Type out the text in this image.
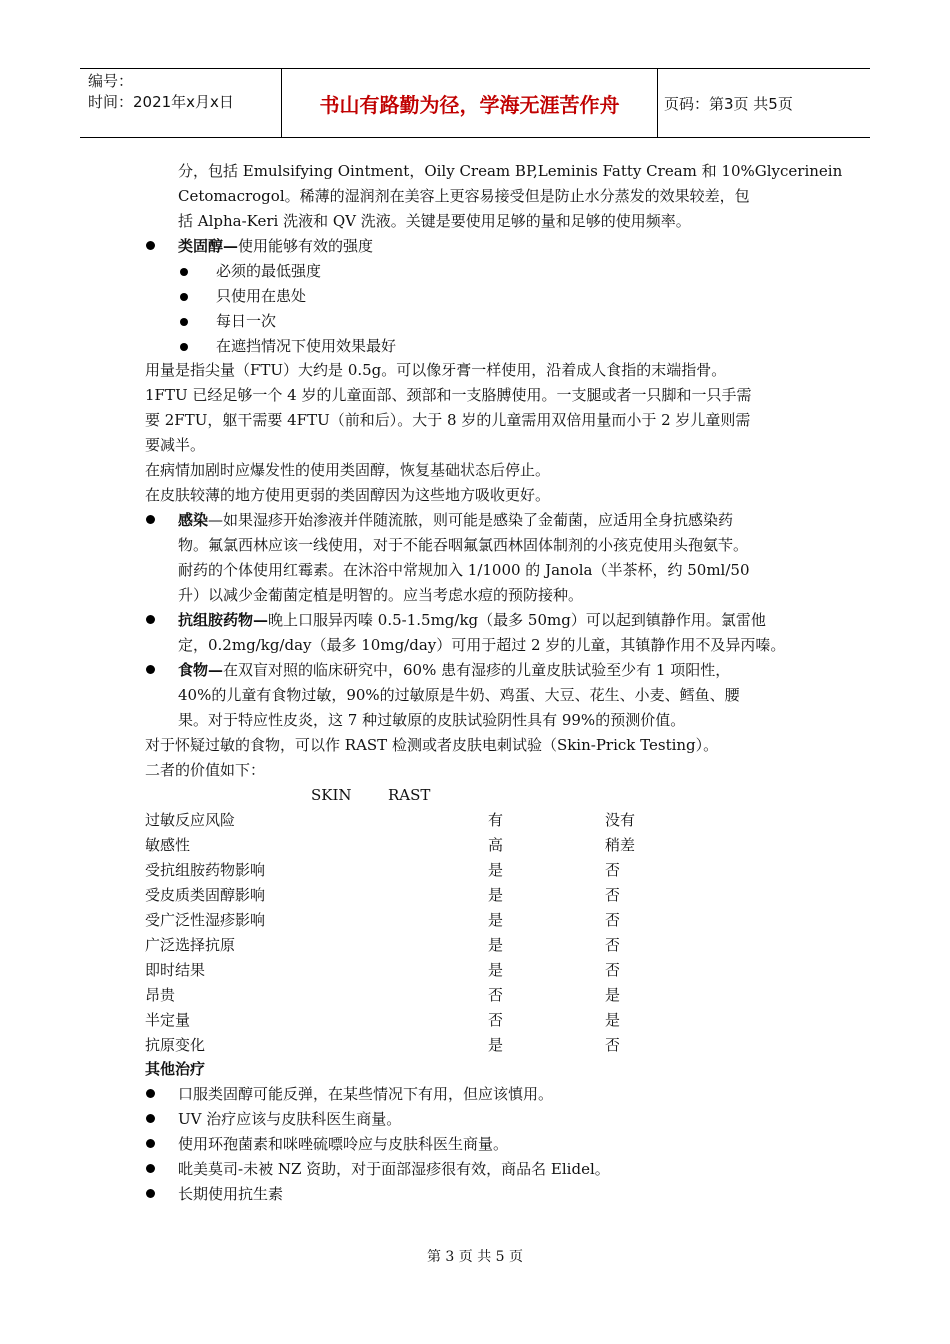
编号：
时间：2021年x月x日	书山有路勤为径，学海无涯苦作舟	页码：第3页 共5页
分，包括 Emulsifying Ointment，Oily Cream BP,Leminis Fatty Cream 和 10%Glycerinein
Cetomacrogol。稀薄的湿润剂在美容上更容易接受但是防止水分蒸发的效果较差，包
括 Alpha-Keri 洗液和 QV 洗液。关键是要使用足够的量和足够的使用频率。
类固醇—使用能够有效的强度
必须的最低强度
只使用在患处
每日一次
在遮挡情况下使用效果最好
用量是指尖量（FTU）大约是 0.5g。可以像牙膏一样使用，沿着成人食指的末端指骨。
1FTU 已经足够一个 4 岁的儿童面部、颈部和一支胳膊使用。一支腿或者一只脚和一只手需
要 2FTU，躯干需要 4FTU（前和后）。大于 8 岁的儿童需用双倍用量而小于 2 岁儿童则需
要减半。
在病情加剧时应爆发性的使用类固醇，恢复基础状态后停止。
在皮肤较薄的地方使用更弱的类固醇因为这些地方吸收更好。
感染—如果湿疹开始渗液并伴随流脓，则可能是感染了金葡菌，应适用全身抗感染药
物。氟氯西林应该一线使用，对于不能吞咽氟氯西林固体制剂的小孩克使用头孢氨苄。
耐药的个体使用红霉素。在沐浴中常规加入 1/1000 的 Janola（半茶杯，约 50ml/50
升）以减少金葡菌定植是明智的。应当考虑水痘的预防接种。
抗组胺药物—晚上口服异丙嗪 0.5-1.5mg/kg（最多 50mg）可以起到镇静作用。氯雷他
定，0.2mg/kg/day（最多 10mg/day）可用于超过 2 岁的儿童，其镇静作用不及异丙嗪。
食物—在双盲对照的临床研究中，60% 患有湿疹的儿童皮肤试验至少有 1 项阳性，
40%的儿童有食物过敏，90%的过敏原是牛奶、鸡蛋、大豆、花生、小麦、鳕鱼、腰
果。对于特应性皮炎，这 7 种过敏原的皮肤试验阴性具有 99%的预测价值。
对于怀疑过敏的食物，可以作 RAST 检测或者皮肤电刺试验（Skin-Prick Testing）。
二者的价值如下：
SKIN RAST
过敏反应风险	有	没有
敏感性	高	稍差
受抗组胺药物影响	是	否
受皮质类固醇影响	是	否
受广泛性湿疹影响	是	否
广泛选择抗原	是	否
即时结果	是	否
昂贵	否	是
半定量	否	是
抗原变化	是	否
其他治疗
口服类固醇可能反弹，在某些情况下有用，但应该慎用。
UV 治疗应该与皮肤科医生商量。
使用环孢菌素和咪唑硫嘌呤应与皮肤科医生商量。
吡美莫司-未被 NZ 资助，对于面部湿疹很有效，商品名 Elidel。
长期使用抗生素
第 3 页 共 5 页
